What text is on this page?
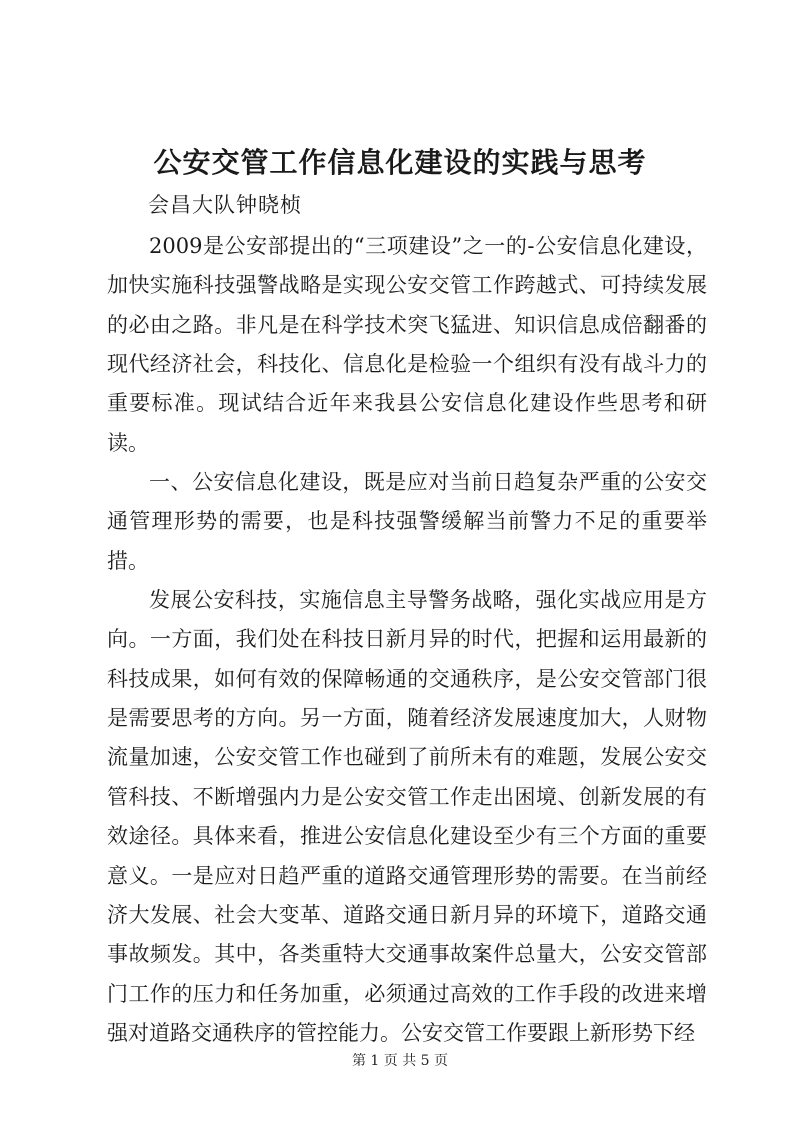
公安交管工作信息化建设的实践与思考
会昌大队钟晓桢

2009是公安部提出的“三项建设”之一的-公安信息化建设，加快实施科技强警战略是实现公安交管工作跨越式、可持续发展的必由之路。非凡是在科学技术突飞猛进、知识信息成倍翻番的现代经济社会，科技化、信息化是检验一个组织有没有战斗力的重要标准。现试结合近年来我县公安信息化建设作些思考和研读。

一、公安信息化建设，既是应对当前日趋复杂严重的公安交通管理形势的需要，也是科技强警缓解当前警力不足的重要举措。

发展公安科技，实施信息主导警务战略，强化实战应用是方向。一方面，我们处在科技日新月异的时代，把握和运用最新的科技成果，如何有效的保障畅通的交通秩序，是公安交管部门很是需要思考的方向。另一方面，随着经济发展速度加大，人财物流量加速，公安交管工作也碰到了前所未有的难题，发展公安交管科技、不断增强内力是公安交管工作走出困境、创新发展的有效途径。具体来看，推进公安信息化建设至少有三个方面的重要意义。一是应对日趋严重的道路交通管理形势的需要。在当前经济大发展、社会大变革、道路交通日新月异的环境下，道路交通事故频发。其中，各类重特大交通事故案件总量大，公安交管部门工作的压力和任务加重，必须通过高效的工作手段的改进来增强对道路交通秩序的管控能力。公安交管工作要跟上新形势下经

第 1 页 共 5 页
